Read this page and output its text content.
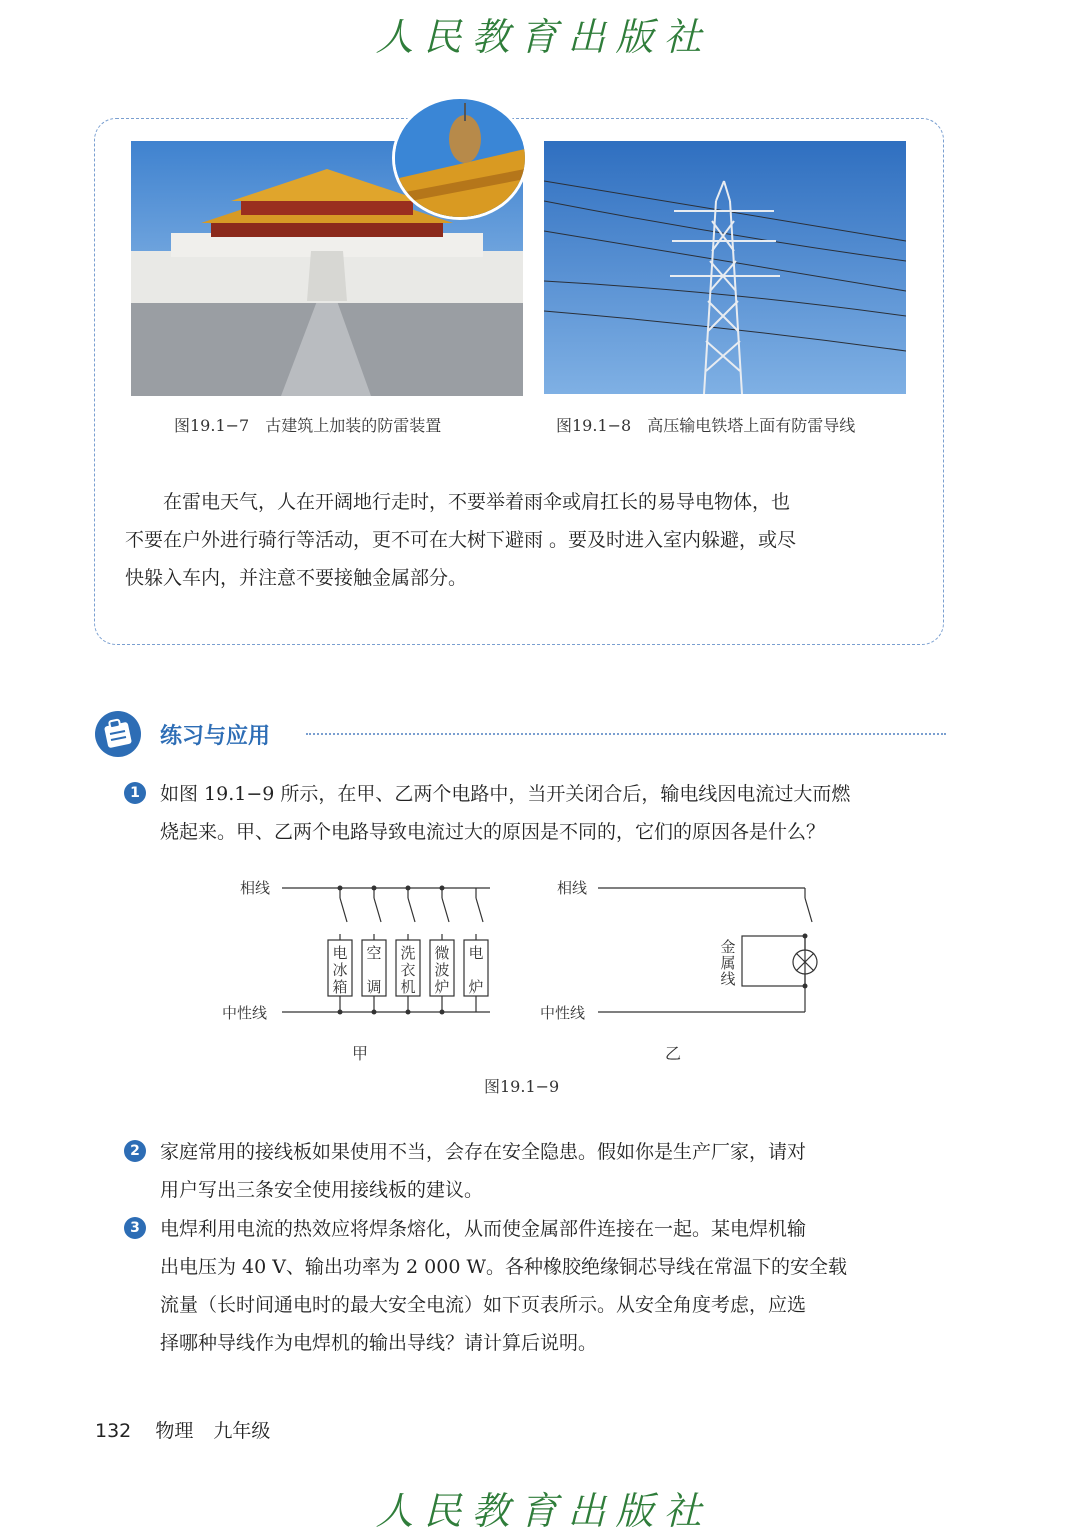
人民教育出版社
图19.1−7　古建筑上加装的防雷装置	图19.1−8　高压输电铁塔上面有防雷导线
在雷电天气，人在开阔地行走时，不要举着雨伞或肩扛长的易导电物体，也
不要在户外进行骑行等活动，更不可在大树下避雨 。要及时进入室内躲避，或尽
快躲入车内，并注意不要接触金属部分。
练习与应用
1	如图 19.1−9 所示，在甲、乙两个电路中，当开关闭合后，输电线因电流过大而燃
烧起来。甲、乙两个电路导致电流过大的原因是不同的，它们的原因各是什么？
相线
中性线
相线
中性线
电
冰
箱
空
调
洗
衣
机
微
波
炉
电
炉
金
属
线
甲	乙
图19.1−9
2	家庭常用的接线板如果使用不当，会存在安全隐患。假如你是生产厂家，请对
用户写出三条安全使用接线板的建议。
3	电焊利用电流的热效应将焊条熔化，从而使金属部件连接在一起。某电焊机输
出电压为 40 V、输出功率为 2 000 W。各种橡胶绝缘铜芯导线在常温下的安全载
流量（长时间通电时的最大安全电流）如下页表所示。从安全角度考虑，应选
择哪种导线作为电焊机的输出导线？请计算后说明。
132 物理 九年级
人民教育出版社
